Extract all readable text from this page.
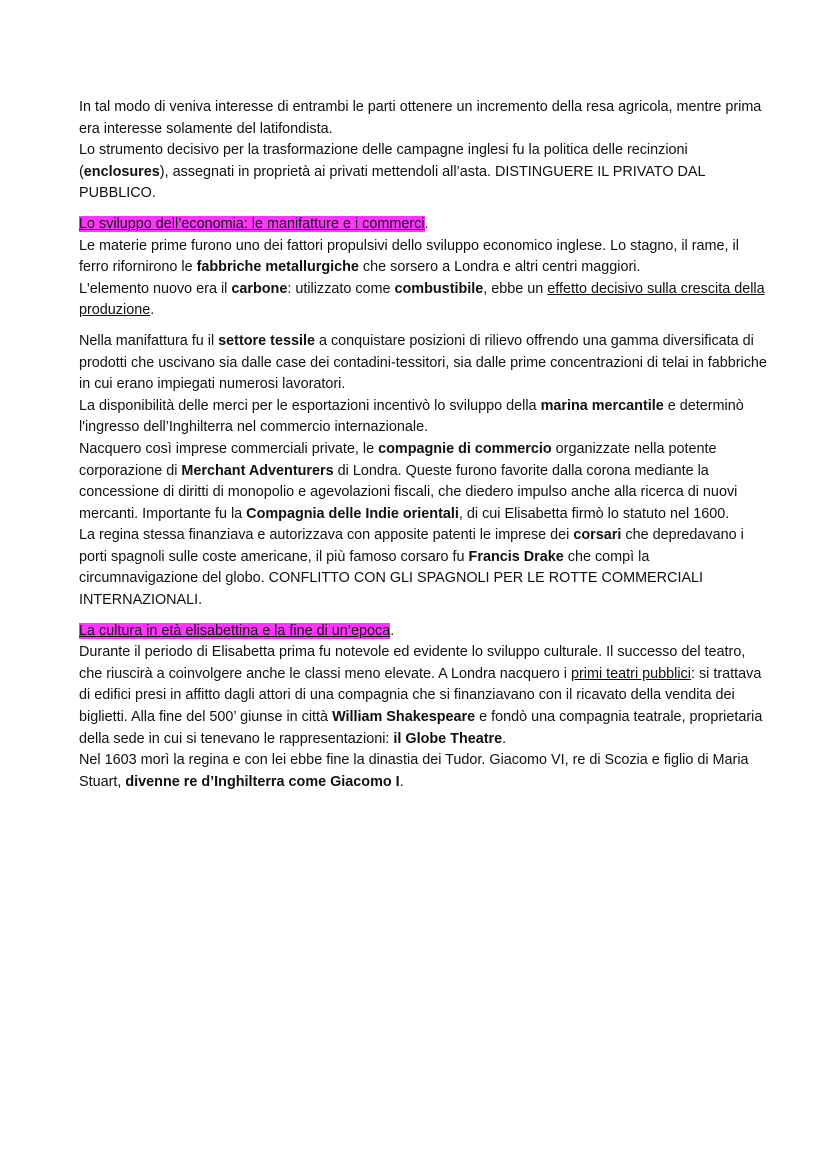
In tal modo di veniva interesse di entrambi le parti ottenere un incremento della resa agricola, mentre prima era interesse solamente del latifondista.

Lo strumento decisivo per la trasformazione delle campagne inglesi fu la politica delle recinzioni (enclosures), assegnati in proprietà ai privati mettendoli all’asta. DISTINGUERE IL PRIVATO DAL PUBBLICO.

Lo sviluppo dell’economia: le manifatture e i commerci.

Le materie prime furono uno dei fattori propulsivi dello sviluppo economico inglese. Lo stagno, il rame, il ferro rifornirono le fabbriche metallurgiche che sorsero a Londra e altri centri maggiori.

L'elemento nuovo era il carbone: utilizzato come combustibile, ebbe un effetto decisivo sulla crescita della produzione.

Nella manifattura fu il settore tessile a conquistare posizioni di rilievo offrendo una gamma diversificata di prodotti che uscivano sia dalle case dei contadini-tessitori, sia dalle prime concentrazioni di telai in fabbriche in cui erano impiegati numerosi lavoratori.

La disponibilità delle merci per le esportazioni incentivò lo sviluppo della marina mercantile e determinò l'ingresso dell’Inghilterra nel commercio internazionale.

Nacquero così imprese commerciali private, le compagnie di commercio organizzate nella potente corporazione di Merchant Adventurers di Londra. Queste furono favorite dalla corona mediante la concessione di diritti di monopolio e agevolazioni fiscali, che diedero impulso anche alla ricerca di nuovi mercanti. Importante fu la Compagnia delle Indie orientali, di cui Elisabetta firmò lo statuto nel 1600.

La regina stessa finanziava e autorizzava con apposite patenti le imprese dei corsari che depredavano i porti spagnoli sulle coste americane, il più famoso corsaro fu Francis Drake che compì la circumnavigazione del globo. CONFLITTO CON GLI SPAGNOLI PER LE ROTTE COMMERCIALI INTERNAZIONALI.

La cultura in età elisabettina e la fine di un’epoca.

Durante il periodo di Elisabetta prima fu notevole ed evidente lo sviluppo culturale. Il successo del teatro, che riuscirà a coinvolgere anche le classi meno elevate. A Londra nacquero i primi teatri pubblici: si trattava di edifici presi in affitto dagli attori di una compagnia che si finanziavano con il ricavato della vendita dei biglietti. Alla fine del 500’ giunse in città William Shakespeare e fondò una compagnia teatrale, proprietaria della sede in cui si tenevano le rappresentazioni: il Globe Theatre.

Nel 1603 morì la regina e con lei ebbe fine la dinastia dei Tudor. Giacomo VI, re di Scozia e figlio di Maria Stuart, divenne re d’Inghilterra come Giacomo I.
